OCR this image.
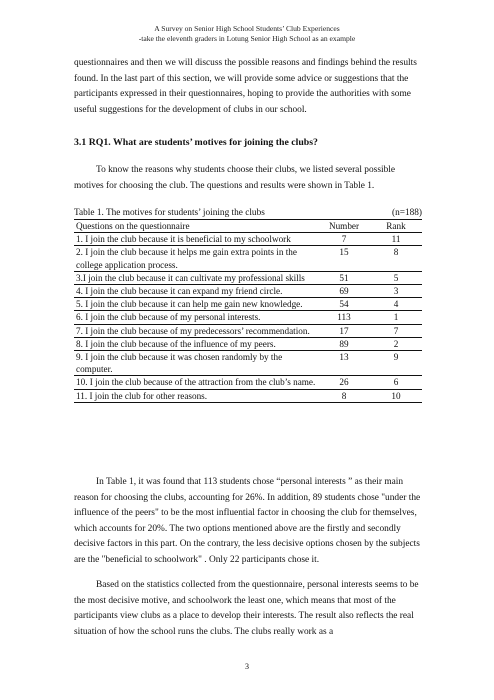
A Survey on Senior High School Students’ Club Experiences
-take the eleventh graders in Lotung Senior High School as an example

questionnaires and then we will discuss the possible reasons and findings behind the results found. In the last part of this section, we will provide some advice or suggestions that the participants expressed in their questionnaires, hoping to provide the authorities with some useful suggestions for the development of clubs in our school.

3.1 RQ1. What are students’ motives for joining the clubs?

To know the reasons why students choose their clubs, we listed several possible motives for choosing the club. The questions and results were shown in Table 1.

Table 1. The motives for students’ joining the clubs	(n=188)
Questions on the questionnaire	Number	Rank
1. I join the club because it is beneficial to my schoolwork	7	11
2. I join the club because it helps me gain extra points in the college application process.	15	8
3.I join the club because it can cultivate my professional skills	51	5
4. I join the club because it can expand my friend circle.	69	3
5. I join the club because it can help me gain new knowledge.	54	4
6. I join the club because of my personal interests.	113	1
7. I join the club because of my predecessors’ recommendation.	17	7
8. I join the club because of the influence of my peers.	89	2
9. I join the club because it was chosen randomly by the computer.	13	9
10. I join the club because of the attraction from the club’s name.	26	6
11. I join the club for other reasons.	8	10

In Table 1, it was found that 113 students chose “personal interests ” as their main reason for choosing the clubs, accounting for 26%. In addition, 89 students chose "under the influence of the peers" to be the most influential factor in choosing the club for themselves, which accounts for 20%. The two options mentioned above are the firstly and secondly decisive factors in this part. On the contrary, the less decisive options chosen by the subjects are the "beneficial to schoolwork" . Only 22 participants chose it.

Based on the statistics collected from the questionnaire, personal interests seems to be the most decisive motive, and schoolwork the least one, which means that most of the participants view clubs as a place to develop their interests. The result also reflects the real situation of how the school runs the clubs. The clubs really work as a

3
